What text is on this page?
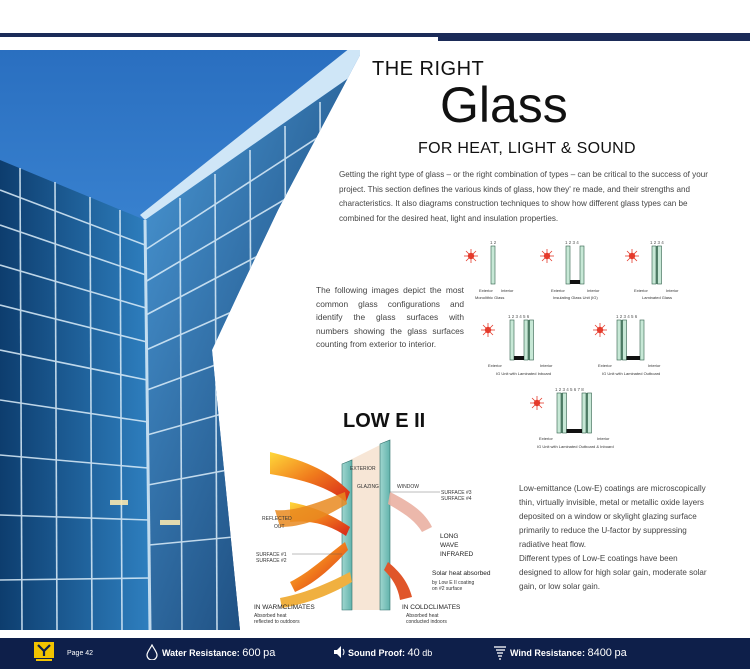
THE RIGHT
Glass
FOR HEAT, LIGHT & SOUND
Getting the right type of glass – or the right combination of types – can be critical to the success of your project. This section defines the various kinds of glass, how they' re made, and their strengths and characteristics. It also diagrams construction techniques to show how different glass types can be combined for the desired heat, light and insulation properties.
The following images depict the most common glass configurations and identify the glass surfaces with numbers showing the glass surfaces counting from exterior to interior.
1 2
Exterior Interior
Monolithic Glass
1 2 3 4
Exterior	Interior
Insulating Glass Unit (IG)
1 2 3 4
Exterior	Interior
Laminated Glass
1 2 3 4 5 6
Exterior	Interior
IG Unit with Laminated Inboard
1 2 3 4 5 6
Exterior	Interior
IG Unit with Laminated Outboard
1 2 3 4 5 6 7 8
Exterior	Interior
IG Unit with Laminated Outboard & Inboard
LOW E II
EXTERIOR
GLAZING	WINDOW
SURFACE #3
SURFACE #4
REFLECTED
OUT
SURFACE #1
SURFACE #2
LONG
WAVE
INFRARED
Solar heat absorbed
by Low E II coating
on #2 surface
IN WARMCLIMATES	IN COLDCLIMATES
Absorbed heat
reflected to outdoors
Absorbed heat
conducted indoors

Low-emittance (Low-E) coatings are microscopically thin, virtually invisible, metal or metallic oxide layers deposited on a window or skylight glazing surface primarily to reduce the U-factor by suppressing radiative heat flow.

Different types of Low-E coatings have been designed to allow for high solar gain, moderate solar gain, or low solar gain.

Page 42	Water Resistance: 600 pa	Sound Proof: 40 db	Wind Resistance: 8400 pa
